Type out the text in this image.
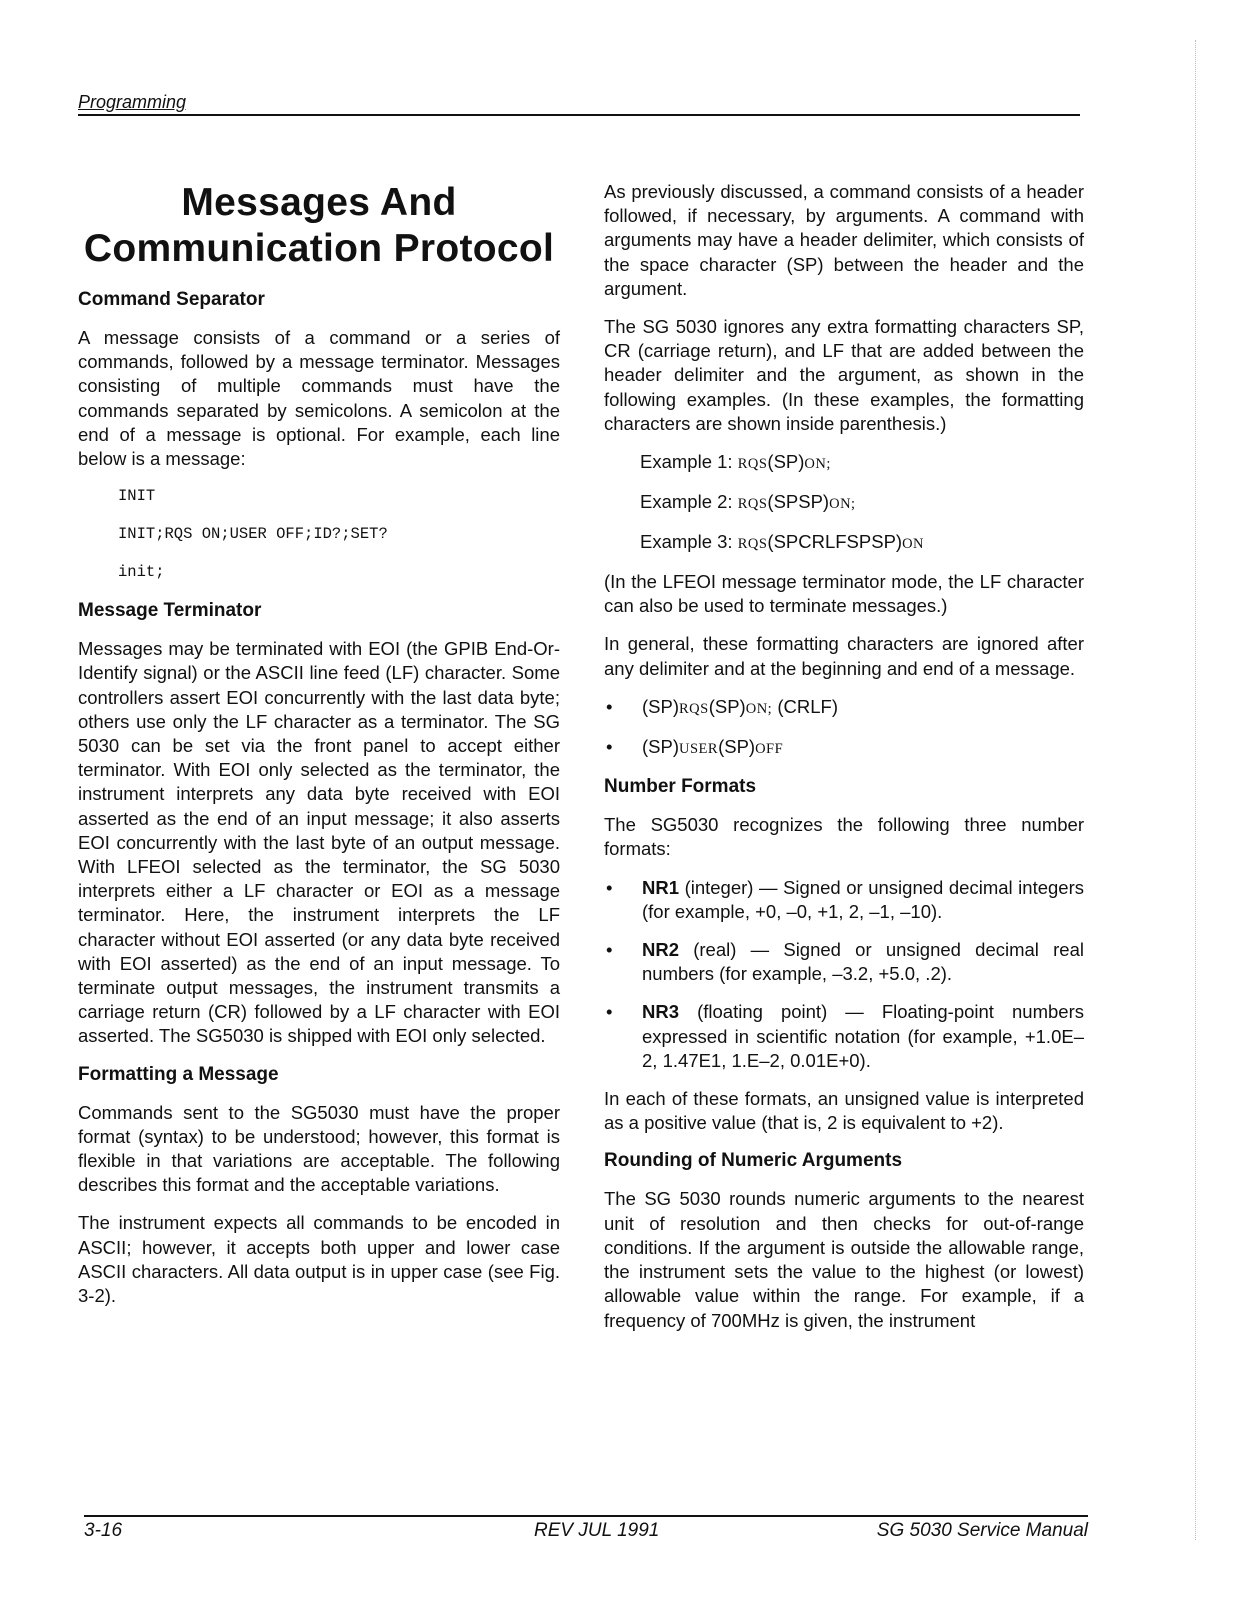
Programming
Messages And
Communication Protocol
Command Separator

A message consists of a command or a series of commands, followed by a message terminator. Messages consisting of multiple commands must have the commands separated by semicolons. A semicolon at the end of a message is optional. For example, each line below is a message:

INIT
INIT;RQS ON;USER OFF;ID?;SET?
init;
Message Terminator

Messages may be terminated with EOI (the GPIB End-Or-Identify signal) or the ASCII line feed (LF) character. Some controllers assert EOI concurrently with the last data byte; others use only the LF character as a terminator. The SG 5030 can be set via the front panel to accept either terminator. With EOI only selected as the terminator, the instrument interprets any data byte received with EOI asserted as the end of an input message; it also asserts EOI concurrently with the last byte of an output message. With LFEOI selected as the terminator, the SG 5030 interprets either a LF character or EOI as a message terminator. Here, the instrument interprets the LF character without EOI asserted (or any data byte received with EOI asserted) as the end of an input message. To terminate output messages, the instrument transmits a carriage return (CR) followed by a LF character with EOI asserted. The SG5030 is shipped with EOI only selected.

Formatting a Message

Commands sent to the SG5030 must have the proper format (syntax) to be understood; however, this format is flexible in that variations are acceptable. The following describes this format and the acceptable variations.

The instrument expects all commands to be encoded in ASCII; however, it accepts both upper and lower case ASCII characters. All data output is in upper case (see Fig. 3-2).

As previously discussed, a command consists of a header followed, if necessary, by arguments. A command with arguments may have a header delimiter, which consists of the space character (SP) between the header and the argument.

The SG 5030 ignores any extra formatting characters SP, CR (carriage return), and LF that are added between the header delimiter and the argument, as shown in the following examples. (In these examples, the formatting characters are shown inside parenthesis.)

Example 1: RQS(SP)ON;
Example 2: RQS(SPSP)ON;
Example 3: RQS(SPCRLFSPSP)ON

(In the LFEOI message terminator mode, the LF character can also be used to terminate messages.)

In general, these formatting characters are ignored after any delimiter and at the beginning and end of a message.

• (SP)RQS(SP)ON; (CRLF)
• (SP)USER(SP)OFF
Number Formats

The SG5030 recognizes the following three number formats:

• NR1 (integer) — Signed or unsigned decimal integers (for example, +0, –0, +1, 2, –1, –10).
• NR2 (real) — Signed or unsigned decimal real numbers (for example, –3.2, +5.0, .2).
• NR3 (floating point) — Floating-point numbers expressed in scientific notation (for example, +1.0E–2, 1.47E1, 1.E–2, 0.01E+0).

In each of these formats, an unsigned value is interpreted as a positive value (that is, 2 is equivalent to +2).

Rounding of Numeric Arguments

The SG 5030 rounds numeric arguments to the nearest unit of resolution and then checks for out-of-range conditions. If the argument is outside the allowable range, the instrument sets the value to the highest (or lowest) allowable value within the range. For example, if a frequency of 700MHz is given, the instrument

3-16	REV JUL 1991	SG 5030 Service Manual
